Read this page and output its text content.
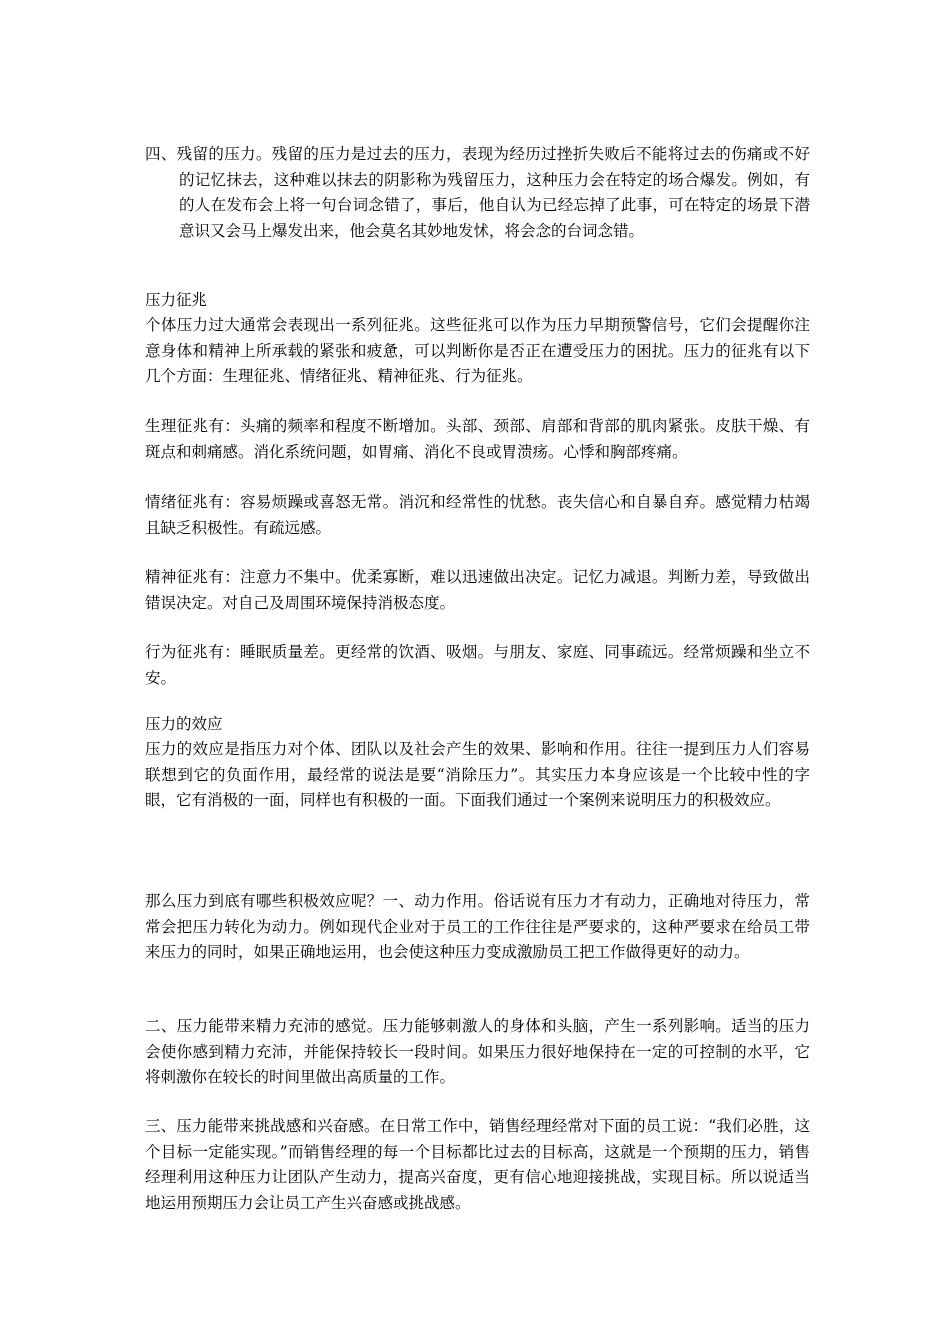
四、残留的压力。残留的压力是过去的压力，表现为经历过挫折失败后不能将过去的伤痛或不好的记忆抹去，这种难以抹去的阴影称为残留压力，这种压力会在特定的场合爆发。例如，有的人在发布会上将一句台词念错了，事后，他自认为已经忘掉了此事，可在特定的场景下潜意识又会马上爆发出来，他会莫名其妙地发怵，将会念的台词念错。

压力征兆

个体压力过大通常会表现出一系列征兆。这些征兆可以作为压力早期预警信号，它们会提醒你注意身体和精神上所承载的紧张和疲惫，可以判断你是否正在遭受压力的困扰。压力的征兆有以下几个方面：生理征兆、情绪征兆、精神征兆、行为征兆。

生理征兆有：头痛的频率和程度不断增加。头部、颈部、肩部和背部的肌肉紧张。皮肤干燥、有斑点和刺痛感。消化系统问题，如胃痛、消化不良或胃溃疡。心悸和胸部疼痛。

情绪征兆有：容易烦躁或喜怒无常。消沉和经常性的忧愁。丧失信心和自暴自弃。感觉精力枯竭且缺乏积极性。有疏远感。

精神征兆有：注意力不集中。优柔寡断，难以迅速做出决定。记忆力减退。判断力差，导致做出错误决定。对自己及周围环境保持消极态度。

行为征兆有：睡眠质量差。更经常的饮酒、吸烟。与朋友、家庭、同事疏远。经常烦躁和坐立不安。

压力的效应

压力的效应是指压力对个体、团队以及社会产生的效果、影响和作用。往往一提到压力人们容易联想到它的负面作用，最经常的说法是要“消除压力”。其实压力本身应该是一个比较中性的字眼，它有消极的一面，同样也有积极的一面。下面我们通过一个案例来说明压力的积极效应。

那么压力到底有哪些积极效应呢？一、动力作用。俗话说有压力才有动力，正确地对待压力，常常会把压力转化为动力。例如现代企业对于员工的工作往往是严要求的，这种严要求在给员工带来压力的同时，如果正确地运用，也会使这种压力变成激励员工把工作做得更好的动力。

二、压力能带来精力充沛的感觉。压力能够刺激人的身体和头脑，产生一系列影响。适当的压力会使你感到精力充沛，并能保持较长一段时间。如果压力很好地保持在一定的可控制的水平，它将刺激你在较长的时间里做出高质量的工作。

三、压力能带来挑战感和兴奋感。在日常工作中，销售经理经常对下面的员工说：“我们必胜，这个目标一定能实现。”而销售经理的每一个目标都比过去的目标高，这就是一个预期的压力，销售经理利用这种压力让团队产生动力，提高兴奋度，更有信心地迎接挑战，实现目标。所以说适当地运用预期压力会让员工产生兴奋感或挑战感。
